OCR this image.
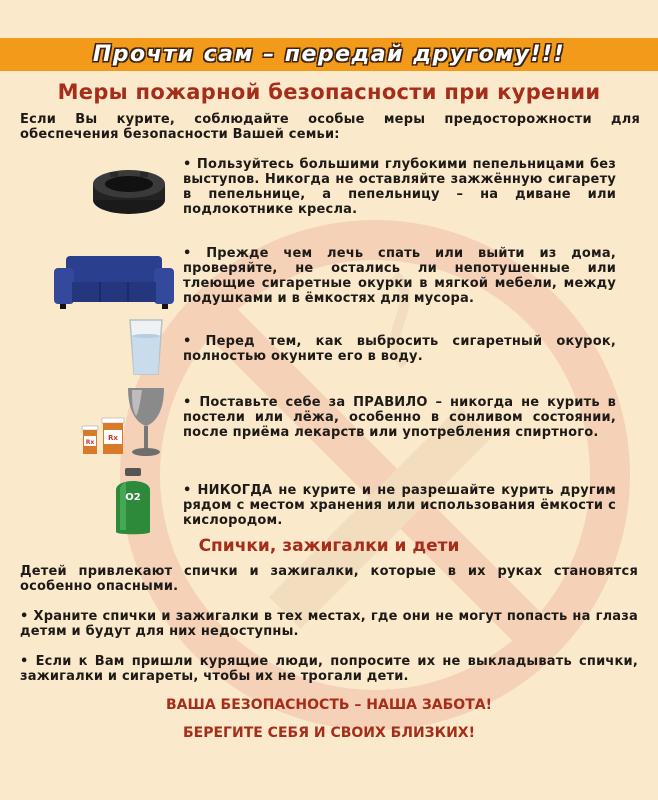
Прочти сам – передай другому!!!
Меры пожарной безопасности при курении
Если Вы курите, соблюдайте особые меры предосторожности для обеспечения безопасности Вашей семьи:
• Пользуйтесь большими глубокими пепельницами без выступов. Никогда не оставляйте зажжённую сигарету в пепельнице, а пепельницу – на диване или подлокотнике кресла.
• Прежде чем лечь спать или выйти из дома, проверяйте, не остались ли непотушенные или тлеющие сигаретные окурки в мягкой мебели, между подушками и в ёмкостях для мусора.
• Перед тем, как выбросить сигаретный окурок, полностью окуните его в воду.
Rx
Rx
• Поставьте себе за ПРАВИЛО – никогда не курить в постели или лёжа, особенно в сонливом состоянии, после приёма лекарств или употребления спиртного.
O2	• НИКОГДА не курите и не разрешайте курить другим рядом с местом хранения или использования ёмкости с кислородом.
Спички, зажигалки и дети
Детей привлекают спички и зажигалки, которые в их руках становятся особенно опасными.
• Храните спички и зажигалки в тех местах, где они не могут попасть на глаза детям и будут для них недоступны.
• Если к Вам пришли курящие люди, попросите их не выкладывать спички, зажигалки и сигареты, чтобы их не трогали дети.
ВАША БЕЗОПАСНОСТЬ – НАША ЗАБОТА!
БЕРЕГИТЕ СЕБЯ И СВОИХ БЛИЗКИХ!
